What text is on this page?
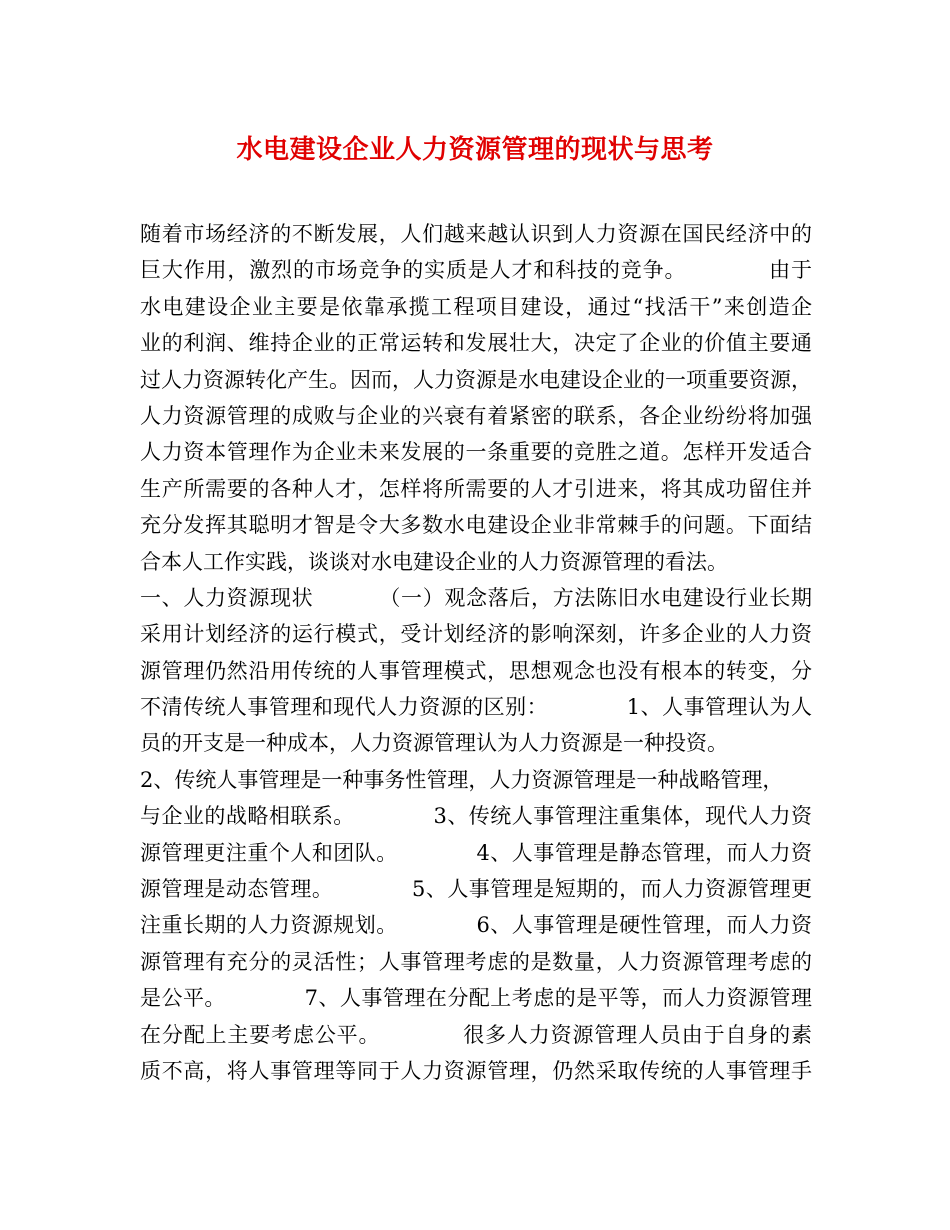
水电建设企业人力资源管理的现状与思考
随着市场经济的不断发展，人们越来越认识到人力资源在国民经济中的
巨大作用，激烈的市场竞争的实质是人才和科技的竞争。           由于
水电建设企业主要是依靠承揽工程项目建设，通过“找活干”来创造企
业的利润、维持企业的正常运转和发展壮大，决定了企业的价值主要通
过人力资源转化产生。因而，人力资源是水电建设企业的一项重要资源，
人力资源管理的成败与企业的兴衰有着紧密的联系，各企业纷纷将加强
人力资本管理作为企业未来发展的一条重要的竞胜之道。怎样开发适合
生产所需要的各种人才，怎样将所需要的人才引进来，将其成功留住并
充分发挥其聪明才智是令大多数水电建设企业非常棘手的问题。下面结
合本人工作实践，谈谈对水电建设企业的人力资源管理的看法。
一、人力资源现状         （一）观念落后，方法陈旧水电建设行业长期
采用计划经济的运行模式，受计划经济的影响深刻，许多企业的人力资
源管理仍然沿用传统的人事管理模式，思想观念也没有根本的转变，分
不清传统人事管理和现代人力资源的区别：           1、人事管理认为人
员的开支是一种成本，人力资源管理认为人力资源是一种投资。
2、传统人事管理是一种事务性管理，人力资源管理是一种战略管理，
与企业的战略相联系。           3、传统人事管理注重集体，现代人力资
源管理更注重个人和团队。           4、人事管理是静态管理，而人力资
源管理是动态管理。           5、人事管理是短期的，而人力资源管理更
注重长期的人力资源规划。           6、人事管理是硬性管理，而人力资
源管理有充分的灵活性；人事管理考虑的是数量，人力资源管理考虑的
是公平。           7、人事管理在分配上考虑的是平等，而人力资源管理
在分配上主要考虑公平。           很多人力资源管理人员由于自身的素
质不高，将人事管理等同于人力资源管理，仍然采取传统的人事管理手
